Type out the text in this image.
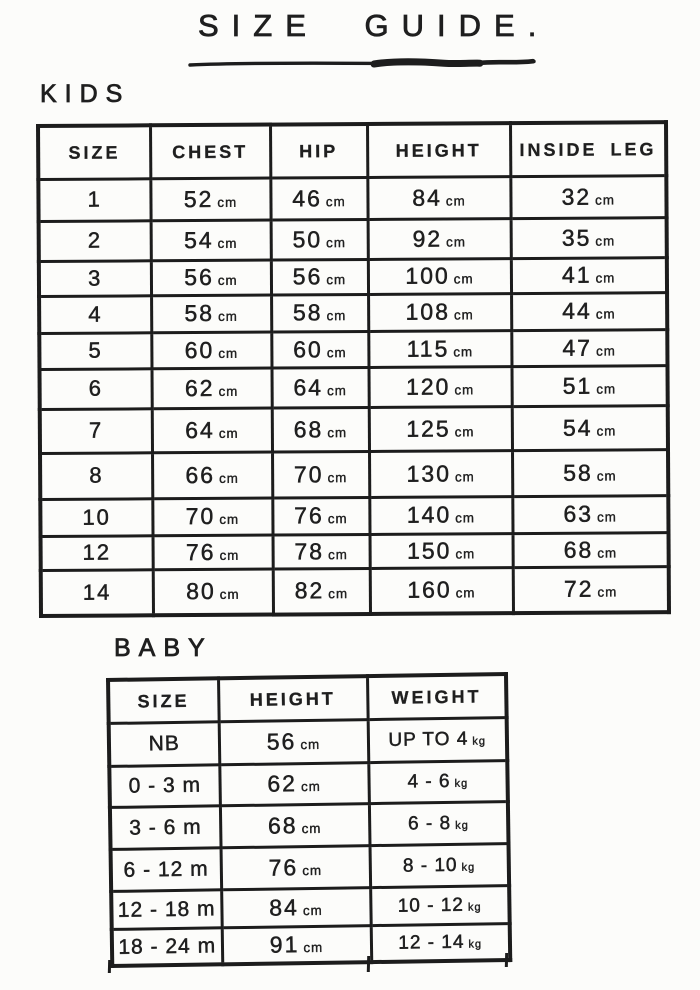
SIZE GUIDE.
KIDS
SIZE	CHEST	HIP	HEIGHT	INSIDE LEG
1	52 cm	46 cm	84 cm	32 cm
2	54 cm	50 cm	92 cm	35 cm
3	56 cm	56 cm	100 cm	41 cm
4	58 cm	58 cm	108 cm	44 cm
5	60 cm	60 cm	115 cm	47 cm
6	62 cm	64 cm	120 cm	51 cm
7	64 cm	68 cm	125 cm	54 cm
8	66 cm	70 cm	130 cm	58 cm
10	70 cm	76 cm	140 cm	63 cm
12	76 cm	78 cm	150 cm	68 cm
14	80 cm	82 cm	160 cm	72 cm
BABY
SIZE	HEIGHT	WEIGHT
NB	56 cm	UP TO 4 kg
0 - 3 m	62 cm	4 - 6 kg
3 - 6 m	68 cm	6 - 8 kg
6 - 12 m	76 cm	8 - 10 kg
12 - 18 m	84 cm	10 - 12 kg
18 - 24 m	91 cm	12 - 14 kg
